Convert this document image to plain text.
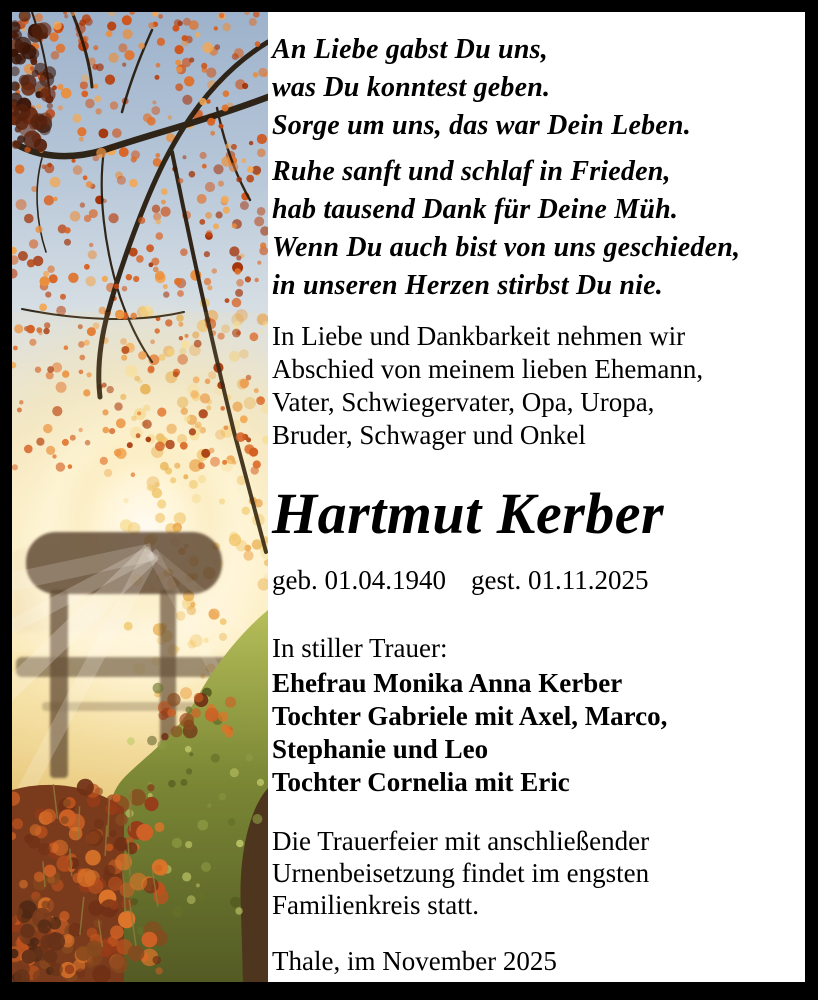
An Liebe gabst Du uns,
was Du konntest geben.
Sorge um uns, das war Dein Leben.
Ruhe sanft und schlaf in Frieden,
hab tausend Dank für Deine Müh.
Wenn Du auch bist von uns geschieden,
in unseren Herzen stirbst Du nie.
In Liebe und Dankbarkeit nehmen wir
Abschied von meinem lieben Ehemann,
Vater, Schwiegervater, Opa, Uropa,
Bruder, Schwager und Onkel
Hartmut Kerber
geb. 01.04.1940 gest. 01.11.2025
In stiller Trauer:
Ehefrau Monika Anna Kerber
Tochter Gabriele mit Axel, Marco,
Stephanie und Leo
Tochter Cornelia mit Eric
Die Trauerfeier mit anschließender
Urnenbeisetzung findet im engsten
Familienkreis statt.
Thale, im November 2025
